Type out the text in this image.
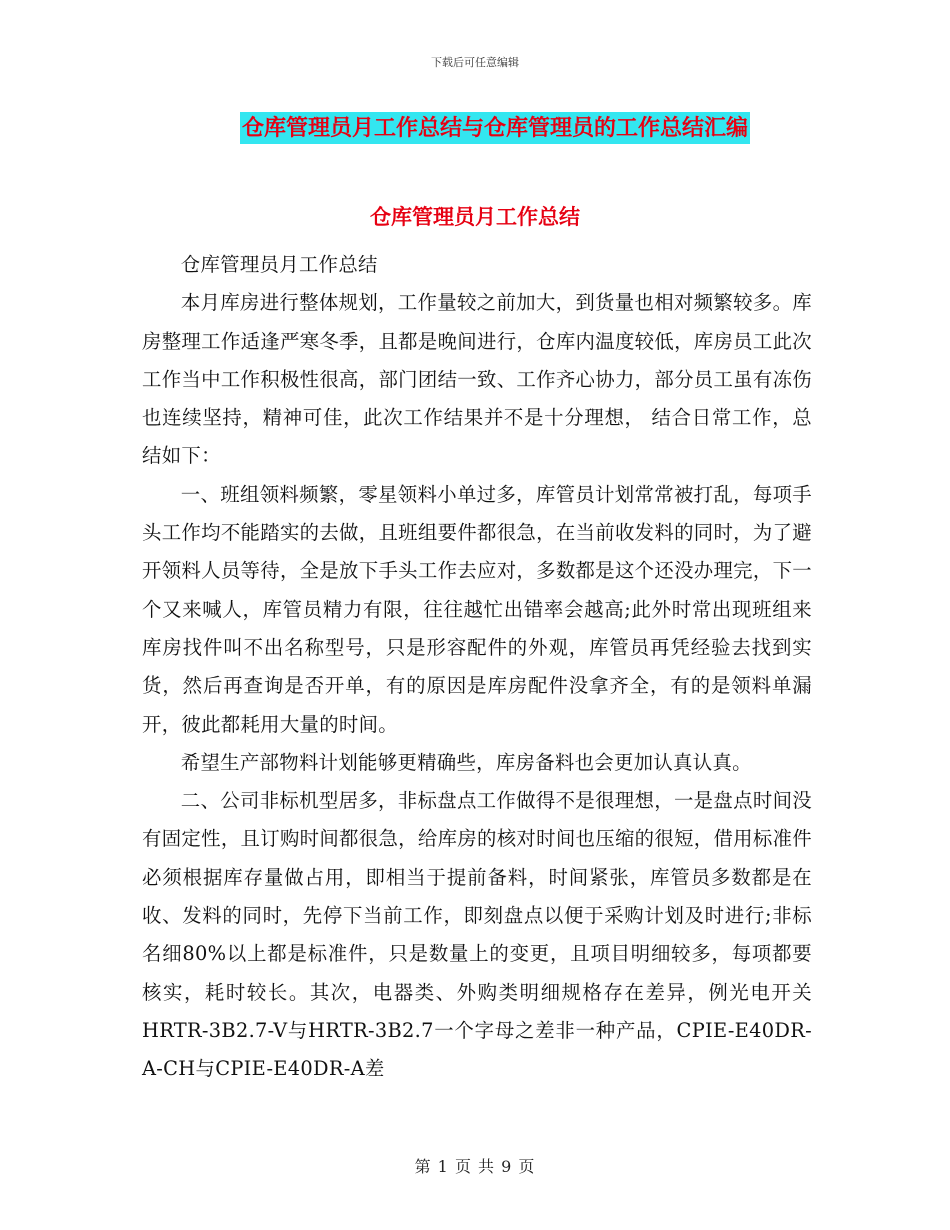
下载后可任意编辑
仓库管理员月工作总结与仓库管理员的工作总结汇编
仓库管理员月工作总结

仓库管理员月工作总结

本月库房进行整体规划，工作量较之前加大，到货量也相对频繁较多。库房整理工作适逢严寒冬季，且都是晚间进行，仓库内温度较低，库房员工此次工作当中工作积极性很高，部门团结一致、工作齐心协力，部分员工虽有冻伤也连续坚持，精神可佳，此次工作结果并不是十分理想， 结合日常工作，总结如下：

一、班组领料频繁，零星领料小单过多，库管员计划常常被打乱，每项手头工作均不能踏实的去做，且班组要件都很急，在当前收发料的同时，为了避开领料人员等待，全是放下手头工作去应对，多数都是这个还没办理完，下一个又来喊人，库管员精力有限，往往越忙出错率会越高;此外时常出现班组来库房找件叫不出名称型号，只是形容配件的外观，库管员再凭经验去找到实货，然后再查询是否开单，有的原因是库房配件没拿齐全，有的是领料单漏开，彼此都耗用大量的时间。

希望生产部物料计划能够更精确些，库房备料也会更加认真认真。

二、公司非标机型居多，非标盘点工作做得不是很理想，一是盘点时间没有固定性，且订购时间都很急，给库房的核对时间也压缩的很短，借用标准件必须根据库存量做占用，即相当于提前备料，时间紧张，库管员多数都是在收、发料的同时，先停下当前工作，即刻盘点以便于采购计划及时进行;非标名细80%以上都是标准件，只是数量上的变更，且项目明细较多，每项都要核实，耗时较长。其次，电器类、外购类明细规格存在差异，例光电开关HRTR-3B2.7-V与HRTR-3B2.7一个字母之差非一种产品，CPIE-E40DR-A-CH与CPIE-E40DR-A差

第 1 页 共 9 页
